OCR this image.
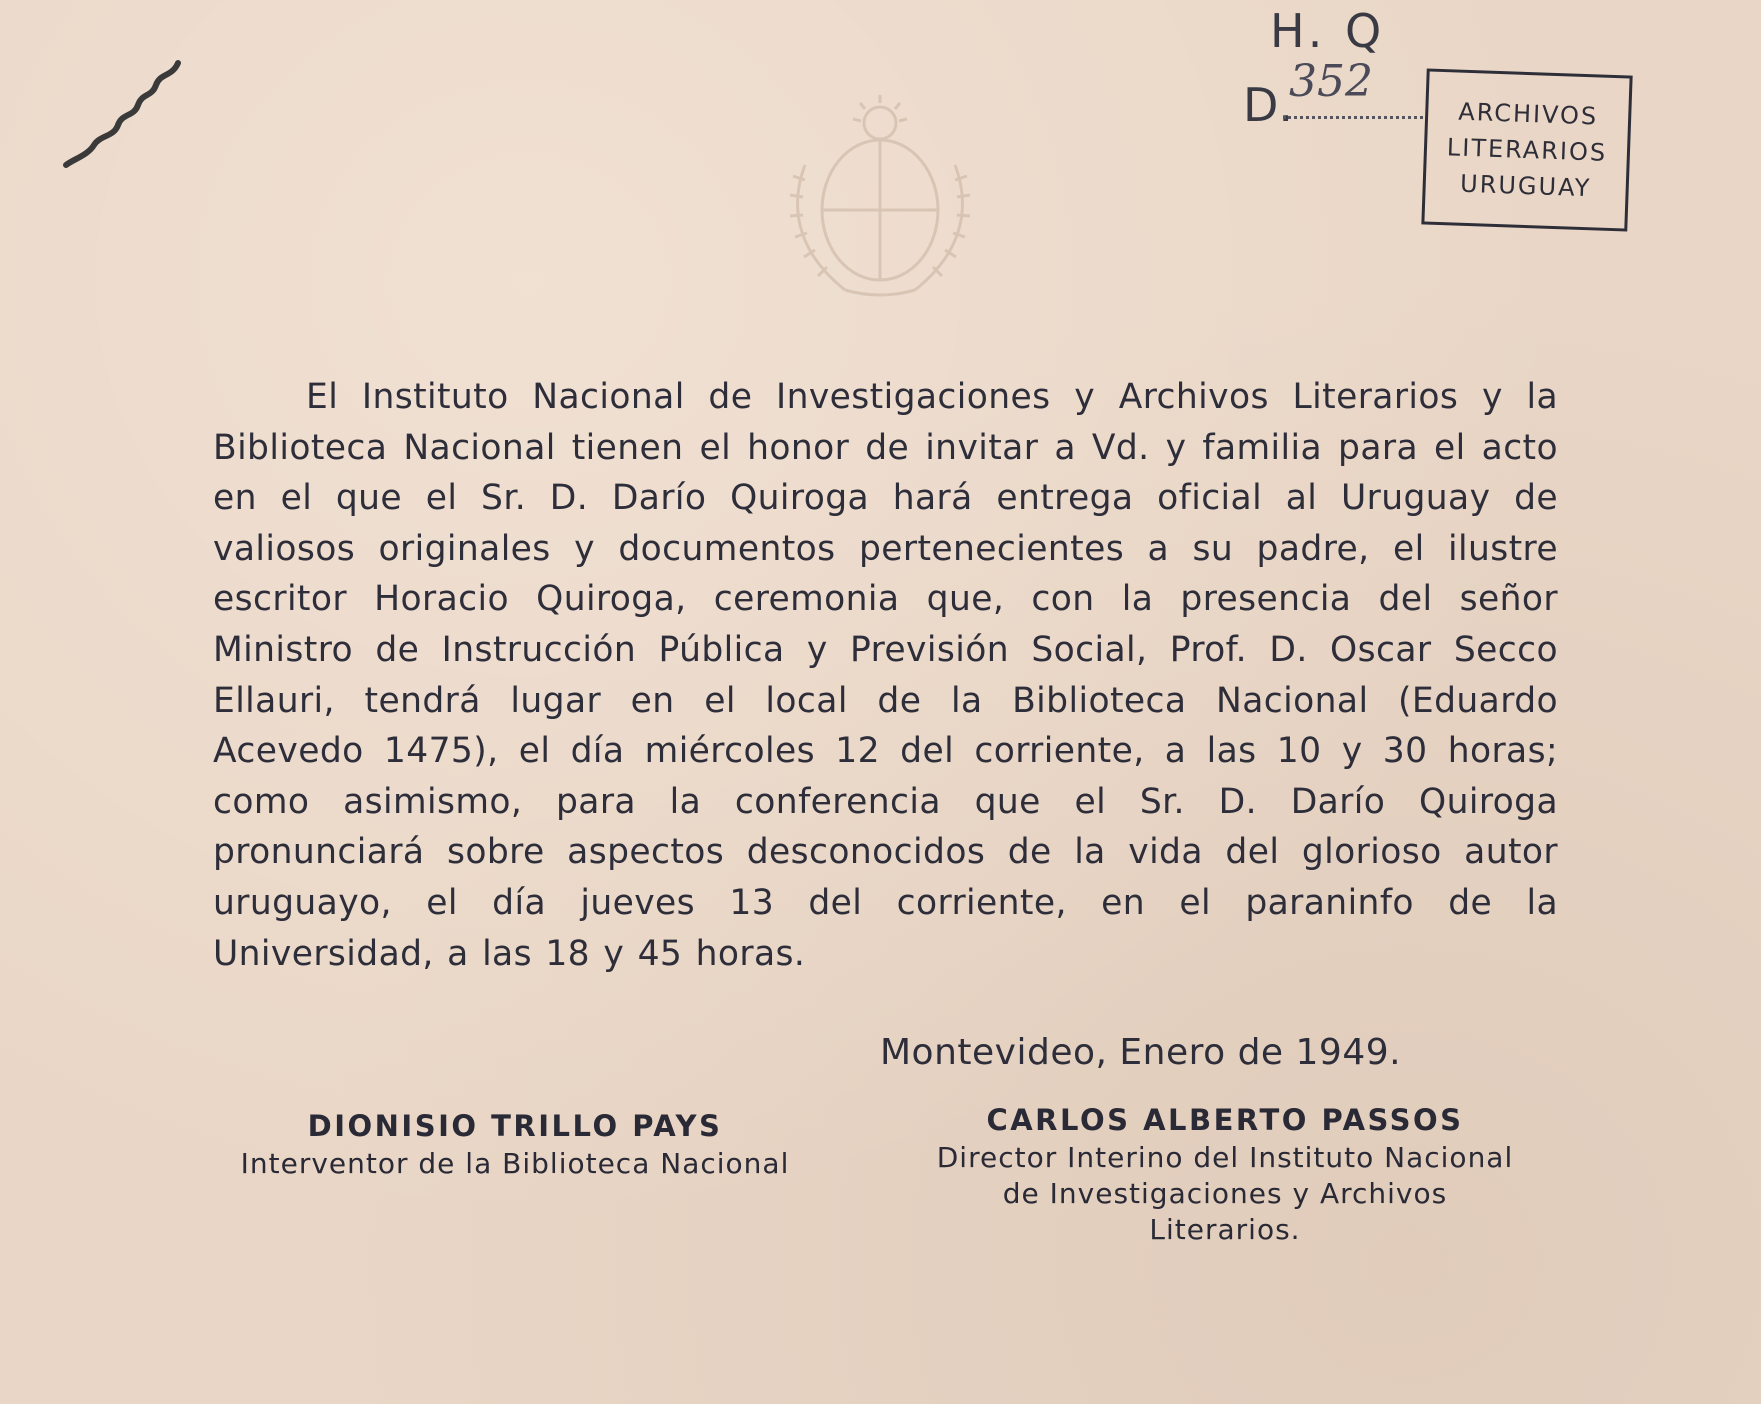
H. Q
D.
352
ARCHIVOS
LITERARIOS
URUGUAY
El Instituto Nacional de Investigaciones y Archivos Literarios y la Biblioteca Nacional tienen el honor de invitar a Vd. y familia para el acto en el que el Sr. D. Darío Quiroga hará entrega oficial al Uruguay de valiosos originales y documentos pertenecientes a su padre, el ilustre escritor Horacio Quiroga, ceremonia que, con la presencia del señor Ministro de Instrucción Pública y Previsión Social, Prof. D. Oscar Secco Ellauri, tendrá lugar en el local de la Biblioteca Nacional (Eduardo Acevedo 1475), el día miércoles 12 del corriente, a las 10 y 30 horas; como asimismo, para la conferencia que el Sr. D. Darío Quiroga pronunciará sobre aspectos desconocidos de la vida del glorioso autor uruguayo, el día jueves 13 del corriente, en el paraninfo de la Universidad, a las 18 y 45 horas.
Montevideo, Enero de 1949.
DIONISIO TRILLO PAYS
Interventor de la Biblioteca Nacional
CARLOS ALBERTO PASSOS
Director Interino del Instituto Nacional
de Investigaciones y Archivos
Literarios.
